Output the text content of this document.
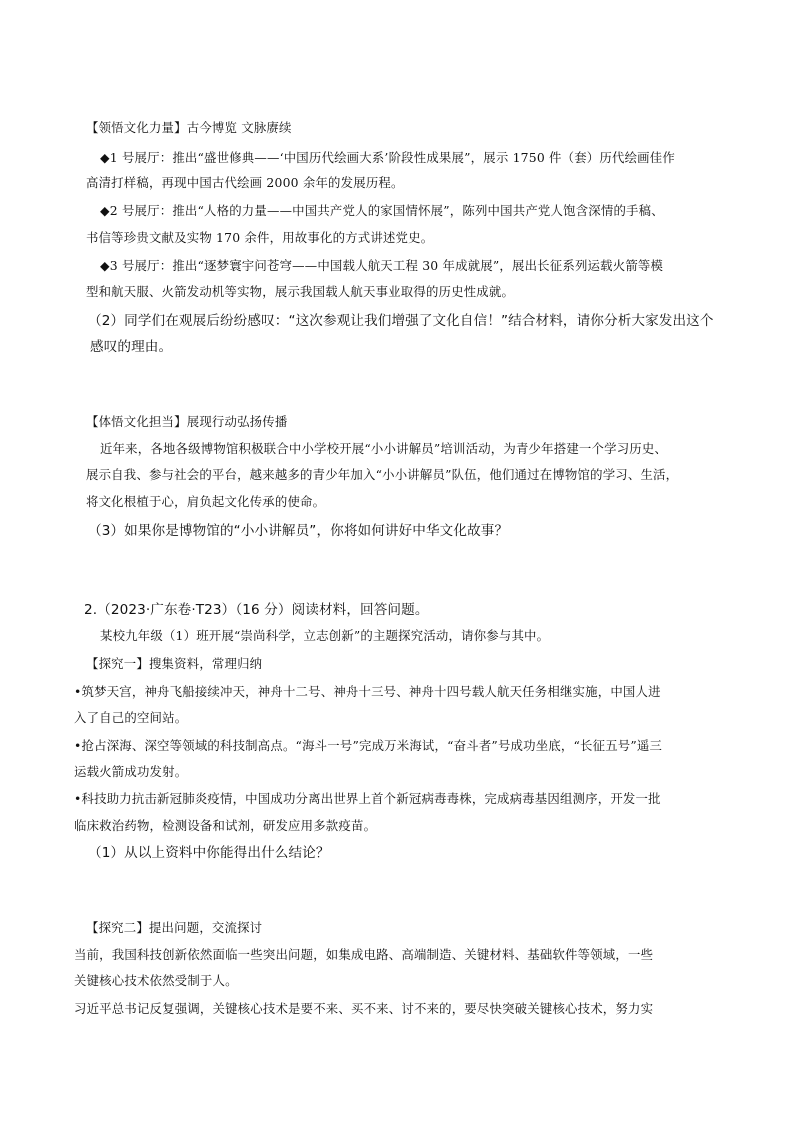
【领悟文化力量】古今博览 文脉赓续
◆1 号展厅：推出“盛世修典——‘中国历代绘画大系’阶段性成果展”，展示 1750 件（套）历代绘画佳作
高清打样稿，再现中国古代绘画 2000 余年的发展历程。
◆2 号展厅：推出“人格的力量——中国共产党人的家国情怀展”，陈列中国共产党人饱含深情的手稿、
书信等珍贵文献及实物 170 余件，用故事化的方式讲述党史。
◆3 号展厅：推出“逐梦寰宇问苍穹——中国载人航天工程 30 年成就展”，展出长征系列运载火箭等模
型和航天服、火箭发动机等实物，展示我国载人航天事业取得的历史性成就。
（2）同学们在观展后纷纷感叹：“这次参观让我们增强了文化自信！”结合材料，请你分析大家发出这个
感叹的理由。
【体悟文化担当】展现行动弘扬传播
近年来，各地各级博物馆积极联合中小学校开展“小小讲解员”培训活动，为青少年搭建一个学习历史、
展示自我、参与社会的平台，越来越多的青少年加入“小小讲解员”队伍，他们通过在博物馆的学习、生活，
将文化根植于心，肩负起文化传承的使命。
（3）如果你是博物馆的“小小讲解员”，你将如何讲好中华文化故事？
2.（2023·广东卷·T23）（16 分）阅读材料，回答问题。
某校九年级（1）班开展“崇尚科学，立志创新”的主题探究活动，请你参与其中。
【探究一】搜集资料，常理归纳
•筑梦天宫，神舟飞船接续冲天，神舟十二号、神舟十三号、神舟十四号载人航天任务相继实施，中国人进
入了自己的空间站。
•抢占深海、深空等领域的科技制高点。“海斗一号”完成万米海试，“奋斗者”号成功坐底，“长征五号”遥三
运载火箭成功发射。
•科技助力抗击新冠肺炎疫情，中国成功分离出世界上首个新冠病毒毒株，完成病毒基因组测序，开发一批
临床救治药物，检测设备和试剂，研发应用多款疫苗。
（1）从以上资料中你能得出什么结论？
【探究二】提出问题，交流探讨
当前，我国科技创新依然面临一些突出问题，如集成电路、高端制造、关键材料、基础软件等领域，一些
关键核心技术依然受制于人。
习近平总书记反复强调，关键核心技术是要不来、买不来、讨不来的，要尽快突破关键核心技术，努力实
